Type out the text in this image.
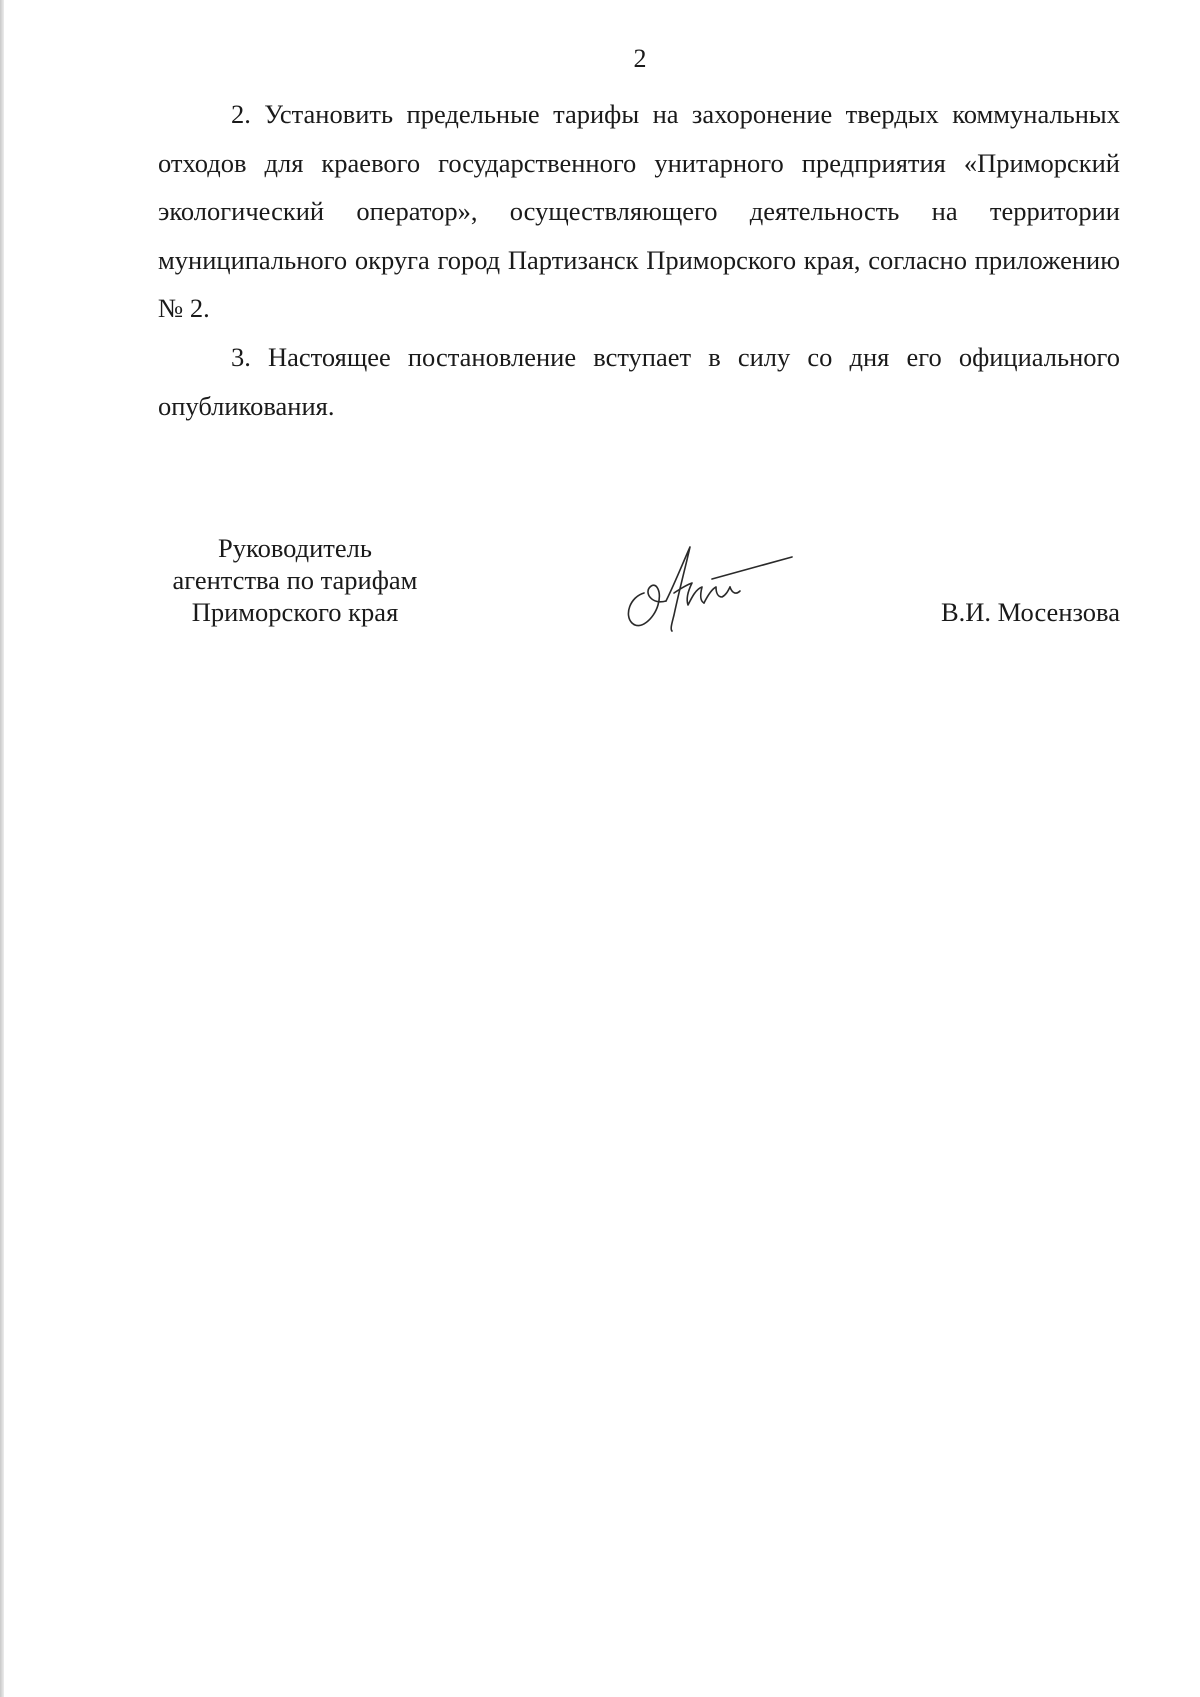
2

2. Установить предельные тарифы на захоронение твердых коммунальных отходов для краевого государственного унитарного предприятия «Приморский экологический оператор», осуществляющего деятельность на территории муниципального округа город Партизанск Приморского края, согласно приложению № 2.

3. Настоящее постановление вступает в силу со дня его официального опубликования.

Руководитель
агентства по тарифам
Приморского края	В.И. Мосензова
